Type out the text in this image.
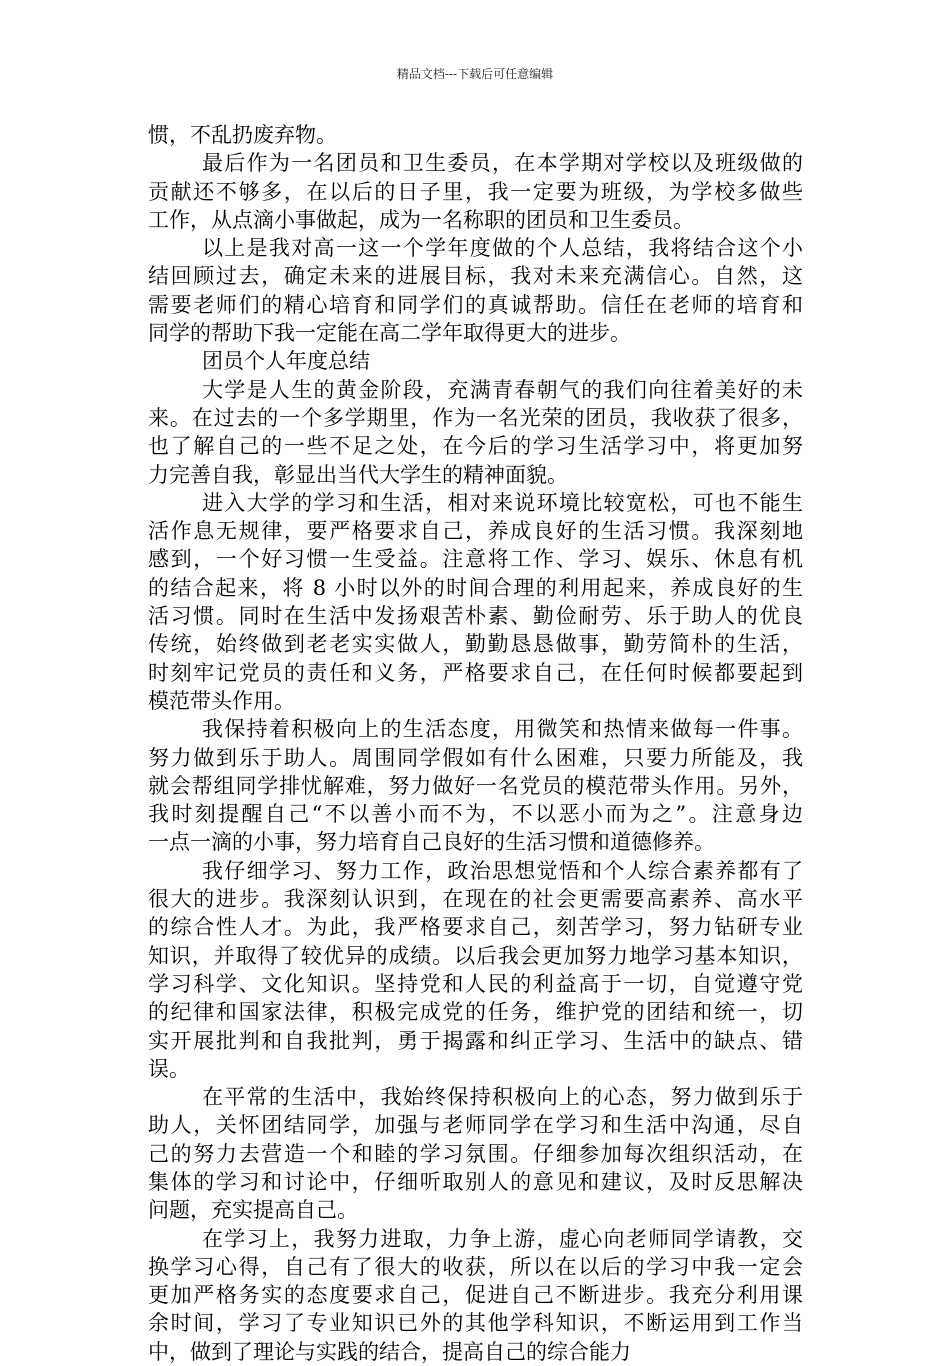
精品文档---下载后可任意编辑
惯，不乱扔废弃物。
最后作为一名团员和卫生委员，在本学期对学校以及班级做的
贡献还不够多，在以后的日子里，我一定要为班级，为学校多做些
工作，从点滴小事做起，成为一名称职的团员和卫生委员。
以上是我对高一这一个学年度做的个人总结，我将结合这个小
结回顾过去，确定未来的进展目标，我对未来充满信心。自然，这
需要老师们的精心培育和同学们的真诚帮助。信任在老师的培育和
同学的帮助下我一定能在高二学年取得更大的进步。
团员个人年度总结
大学是人生的黄金阶段，充满青春朝气的我们向往着美好的未
来。在过去的一个多学期里，作为一名光荣的团员，我收获了很多，
也了解自己的一些不足之处，在今后的学习生活学习中，将更加努
力完善自我，彰显出当代大学生的精神面貌。
进入大学的学习和生活，相对来说环境比较宽松，可也不能生
活作息无规律，要严格要求自己，养成良好的生活习惯。我深刻地
感到，一个好习惯一生受益。注意将工作、学习、娱乐、休息有机
的结合起来，将 8 小时以外的时间合理的利用起来，养成良好的生
活习惯。同时在生活中发扬艰苦朴素、勤俭耐劳、乐于助人的优良
传统，始终做到老老实实做人，勤勤恳恳做事，勤劳简朴的生活，
时刻牢记党员的责任和义务，严格要求自己，在任何时候都要起到
模范带头作用。
我保持着积极向上的生活态度，用微笑和热情来做每一件事。
努力做到乐于助人。周围同学假如有什么困难，只要力所能及，我
就会帮组同学排忧解难，努力做好一名党员的模范带头作用。另外，
我时刻提醒自己“不以善小而不为，不以恶小而为之”。注意身边
一点一滴的小事，努力培育自己良好的生活习惯和道德修养。
我仔细学习、努力工作，政治思想觉悟和个人综合素养都有了
很大的进步。我深刻认识到，在现在的社会更需要高素养、高水平
的综合性人才。为此，我严格要求自己，刻苦学习，努力钻研专业
知识，并取得了较优异的成绩。以后我会更加努力地学习基本知识，
学习科学、文化知识。坚持党和人民的利益高于一切，自觉遵守党
的纪律和国家法律，积极完成党的任务，维护党的团结和统一，切
实开展批判和自我批判，勇于揭露和纠正学习、生活中的缺点、错
误。
在平常的生活中，我始终保持积极向上的心态，努力做到乐于
助人，关怀团结同学，加强与老师同学在学习和生活中沟通，尽自
己的努力去营造一个和睦的学习氛围。仔细参加每次组织活动，在
集体的学习和讨论中，仔细听取别人的意见和建议，及时反思解决
问题，充实提高自己。
在学习上，我努力进取，力争上游，虚心向老师同学请教，交
换学习心得，自己有了很大的收获，所以在以后的学习中我一定会
更加严格务实的态度要求自己，促进自己不断进步。我充分利用课
余时间，学习了专业知识已外的其他学科知识，不断运用到工作当
中，做到了理论与实践的结合，提高自己的综合能力
